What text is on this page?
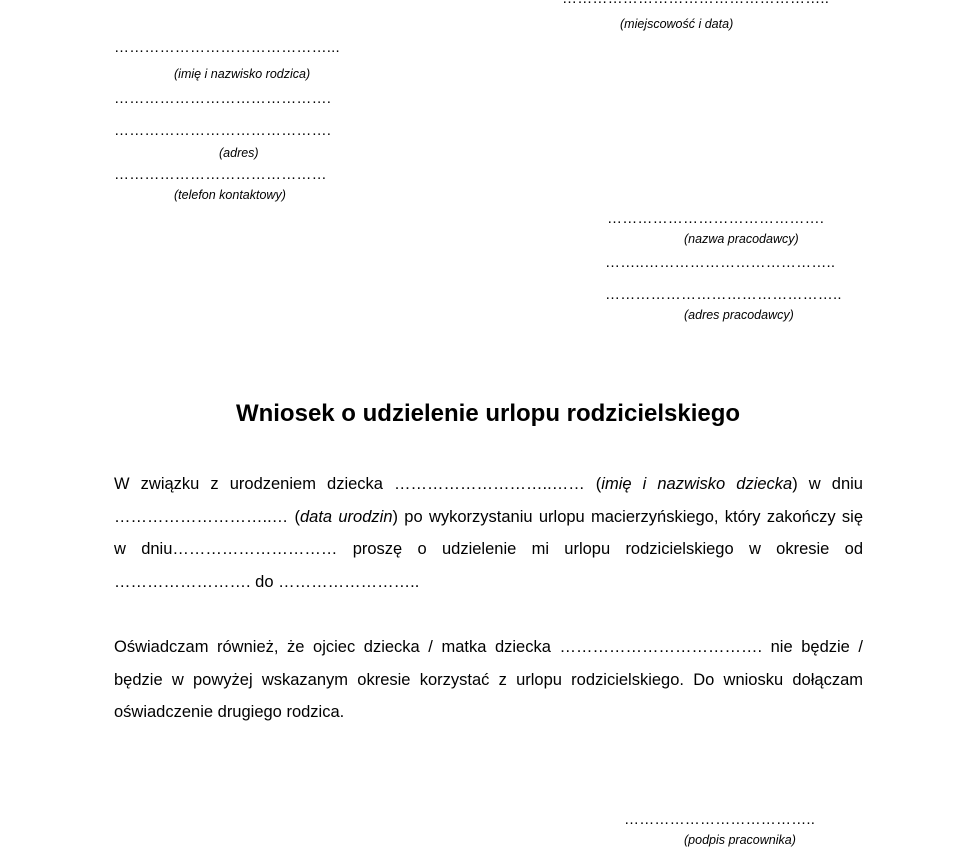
(miejscowość i data)
……………………………………...
(imię i nazwisko rodzica)
…………………………………….
…………………………………….
(adres)
……………………………………
(telefon kontaktowy)
…………………………………….
(nazwa pracodawcy)
……..………………………………..
………………………………………..
(adres pracodawcy)
Wniosek o udzielenie urlopu rodzicielskiego

W związku z urodzeniem dziecka ………………………..…… (imię i nazwisko dziecka) w dniu ………………………..… (data urodzin) po wykorzystaniu urlopu macierzyńskiego, który zakończy się w dniu………………………… proszę o udzielenie mi urlopu rodzicielskiego w okresie od ……………………. do ……………………..

Oświadczam również, że ojciec dziecka / matka dziecka ………………………………. nie będzie / będzie w powyżej wskazanym okresie korzystać z urlopu rodzicielskiego. Do wniosku dołączam oświadczenie drugiego rodzica.

………………………………..
(podpis pracownika)
